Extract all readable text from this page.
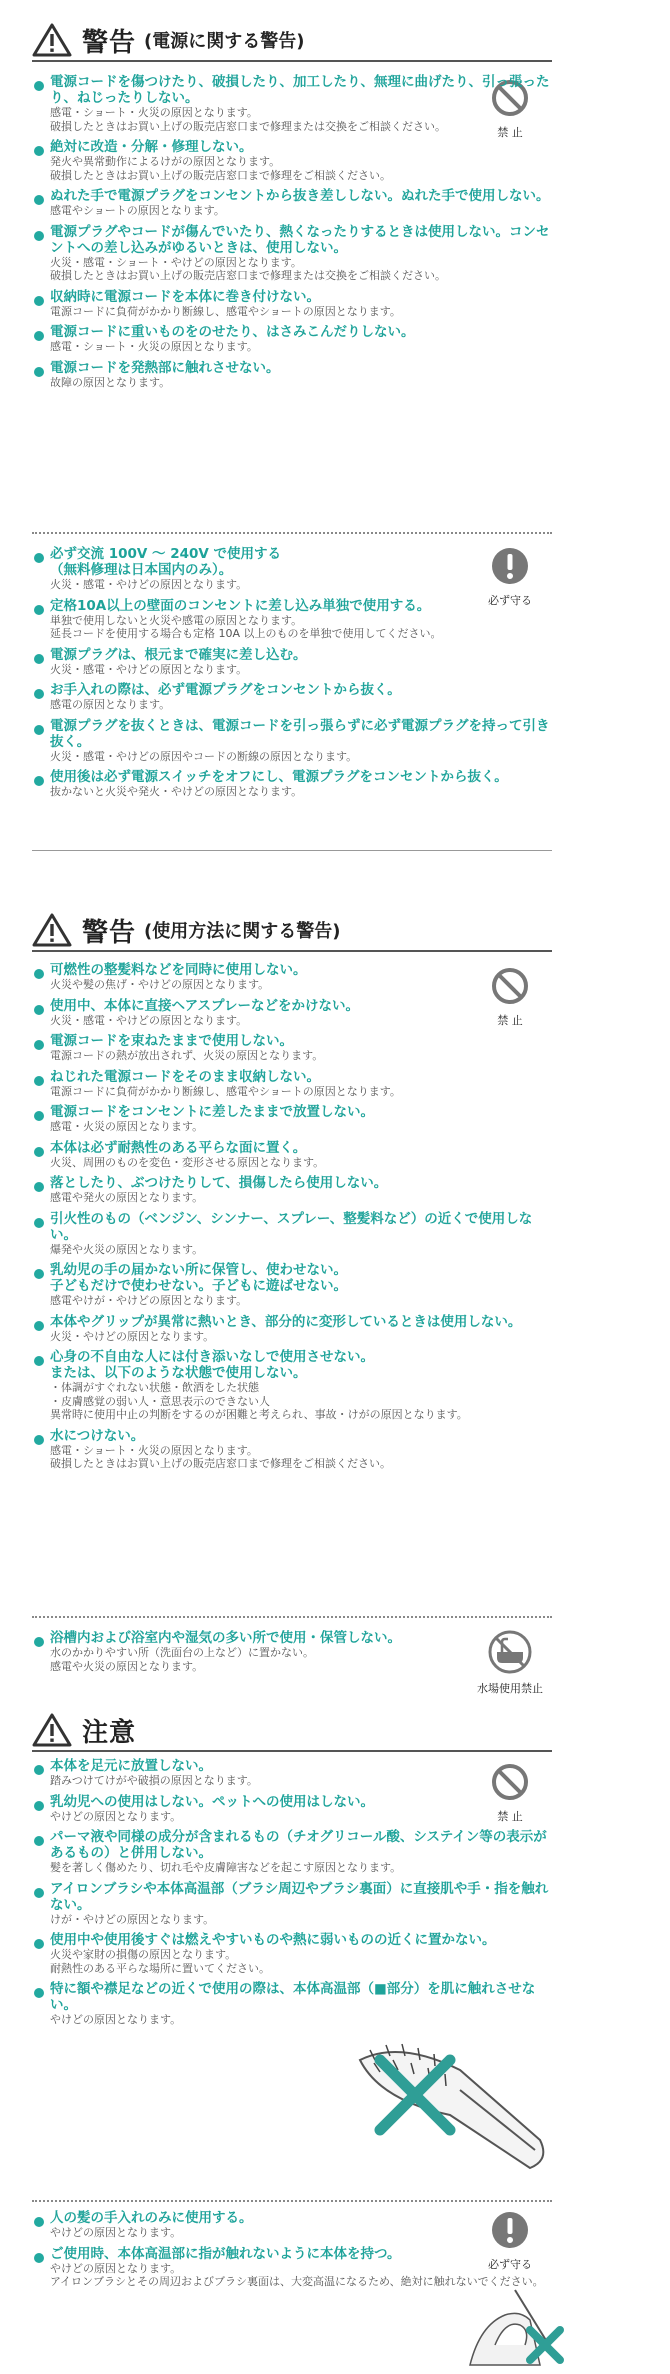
警告 (電源に関する警告)
禁 止
電源コードを傷つけたり、破損したり、加工したり、無理に曲げたり、引っ張ったり、ねじったりしない。
感電・ショート・火災の原因となります。
破損したときはお買い上げの販売店窓口まで修理または交換をご相談ください。
絶対に改造・分解・修理しない。
発火や異常動作によるけがの原因となります。
破損したときはお買い上げの販売店窓口まで修理をご相談ください。
ぬれた手で電源プラグをコンセントから抜き差ししない。ぬれた手で使用しない。
感電やショートの原因となります。
電源プラグやコードが傷んでいたり、熱くなったりするときは使用しない。コンセントへの差し込みがゆるいときは、使用しない。
火災・感電・ショート・やけどの原因となります。
破損したときはお買い上げの販売店窓口まで修理または交換をご相談ください。
収納時に電源コードを本体に巻き付けない。
電源コードに負荷がかかり断線し、感電やショートの原因となります。
電源コードに重いものをのせたり、はさみこんだりしない。
感電・ショート・火災の原因となります。
電源コードを発熱部に触れさせない。
故障の原因となります。
必ず守る
必ず交流 100V ～ 240V で使用する
（無料修理は日本国内のみ）。
火災・感電・やけどの原因となります。
定格10A以上の壁面のコンセントに差し込み単独で使用する。
単独で使用しないと火災や感電の原因となります。
延長コードを使用する場合も定格 10A 以上のものを単独で使用してください。
電源プラグは、根元まで確実に差し込む。
火災・感電・やけどの原因となります。
お手入れの際は、必ず電源プラグをコンセントから抜く。
感電の原因となります。
電源プラグを抜くときは、電源コードを引っ張らずに必ず電源プラグを持って引き抜く。
火災・感電・やけどの原因やコードの断線の原因となります。
使用後は必ず電源スイッチをオフにし、電源プラグをコンセントから抜く。
抜かないと火災や発火・やけどの原因となります。
警告 (使用方法に関する警告)
禁 止
可燃性の整髪料などを同時に使用しない。
火災や髪の焦げ・やけどの原因となります。
使用中、本体に直接ヘアスプレーなどをかけない。
火災・感電・やけどの原因となります。
電源コードを束ねたままで使用しない。
電源コードの熱が放出されず、火災の原因となります。
ねじれた電源コードをそのまま収納しない。
電源コードに負荷がかかり断線し、感電やショートの原因となります。
電源コードをコンセントに差したままで放置しない。
感電・火災の原因となります。
本体は必ず耐熱性のある平らな面に置く。
火災、周囲のものを変色・変形させる原因となります。
落としたり、ぶつけたりして、損傷したら使用しない。
感電や発火の原因となります。
引火性のもの（ベンジン、シンナー、スプレー、整髪料など）の近くで使用しない。
爆発や火災の原因となります。
乳幼児の手の届かない所に保管し、使わせない。
子どもだけで使わせない。子どもに遊ばせない。
感電やけが・やけどの原因となります。
本体やグリップが異常に熱いとき、部分的に変形しているときは使用しない。
火災・やけどの原因となります。
心身の不自由な人には付き添いなしで使用させない。
または、以下のような状態で使用しない。
・体調がすぐれない状態・飲酒をした状態
・皮膚感覚の弱い人・意思表示のできない人
異常時に使用中止の判断をするのが困難と考えられ、事故・けがの原因となります。
水につけない。
感電・ショート・火災の原因となります。
破損したときはお買い上げの販売店窓口まで修理をご相談ください。
水場使用禁止
浴槽内および浴室内や湿気の多い所で使用・保管しない。
水のかかりやすい所（洗面台の上など）に置かない。
感電や火災の原因となります。
注意
禁 止
本体を足元に放置しない。
踏みつけてけがや破損の原因となります。
乳幼児への使用はしない。ペットへの使用はしない。
やけどの原因となります。
パーマ液や同様の成分が含まれるもの（チオグリコール酸、システイン等の表示があるもの）と併用しない。
髪を著しく傷めたり、切れ毛や皮膚障害などを起こす原因となります。
アイロンブラシや本体高温部（ブラシ周辺やブラシ裏面）に直接肌や手・指を触れない。
けが・やけどの原因となります。
使用中や使用後すぐは燃えやすいものや熱に弱いものの近くに置かない。
火災や家財の損傷の原因となります。
耐熱性のある平らな場所に置いてください。
特に額や襟足などの近くで使用の際は、本体高温部（■部分）を肌に触れさせない。
やけどの原因となります。
必ず守る
人の髪の手入れのみに使用する。
やけどの原因となります。
ご使用時、本体高温部に指が触れないように本体を持つ。
やけどの原因となります。
アイロンブラシとその周辺およびブラシ裏面は、大変高温になるため、絶対に触れないでください。
